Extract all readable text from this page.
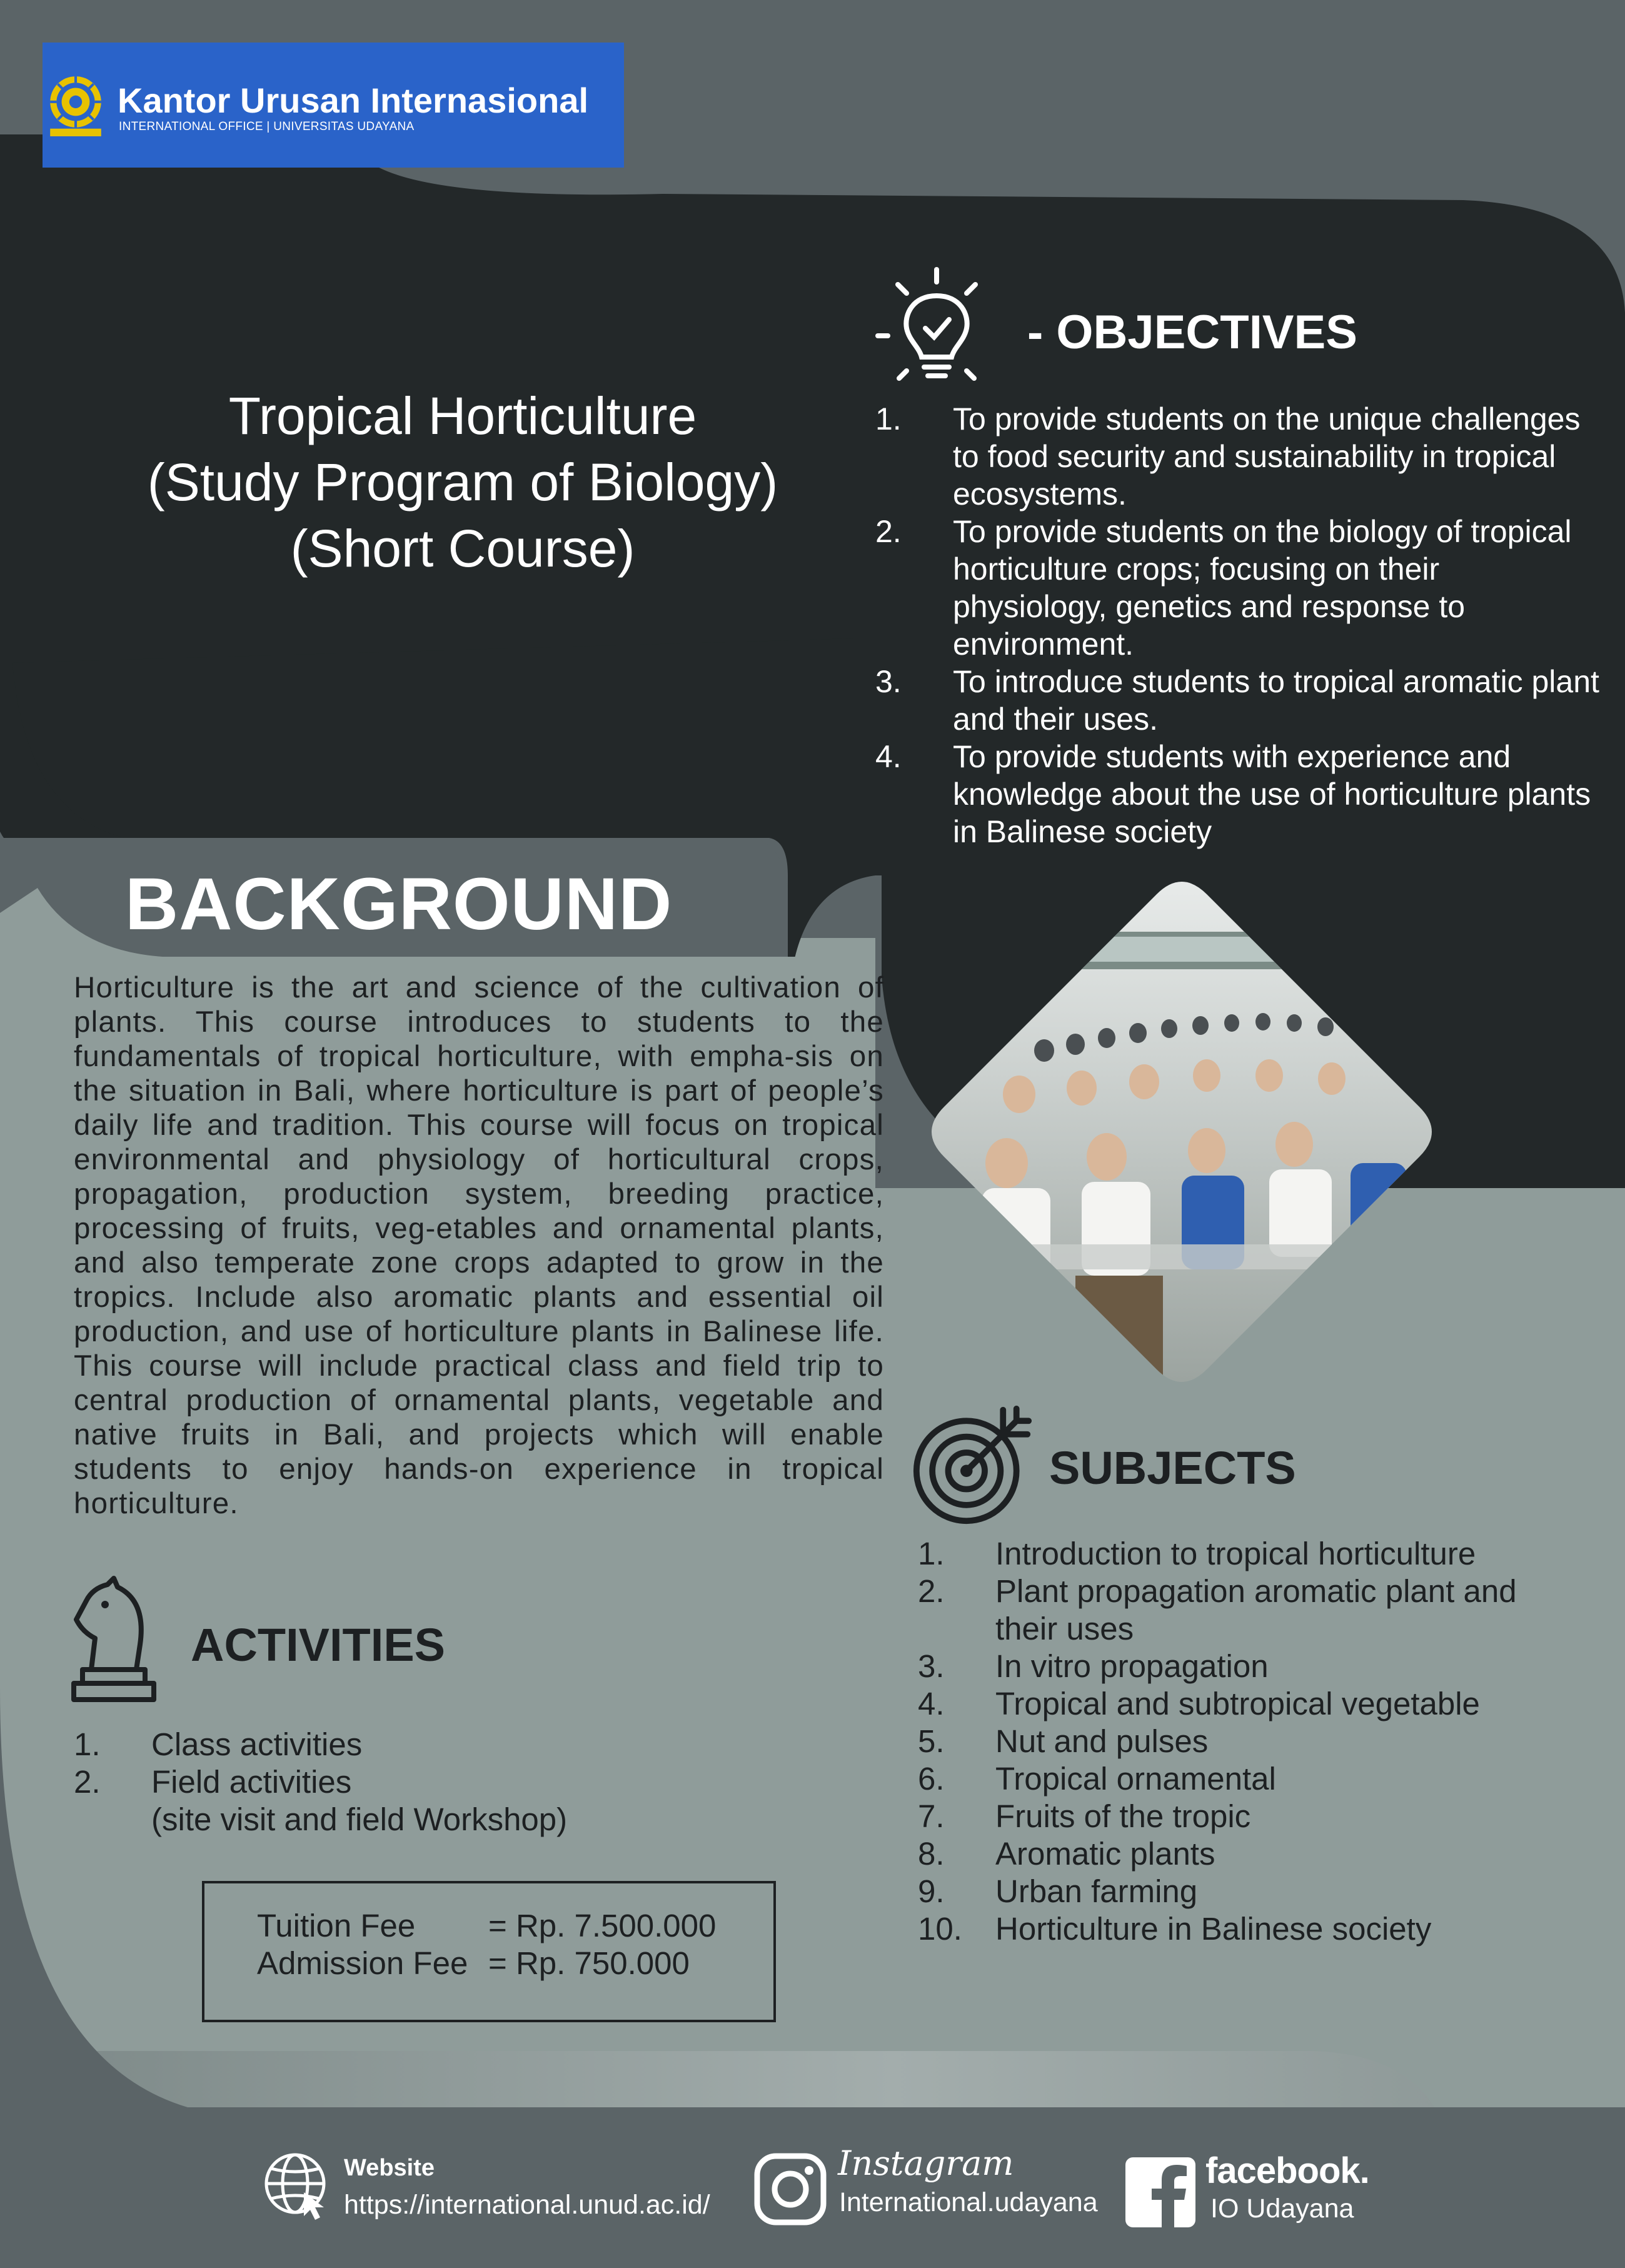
Kantor Urusan Internasional
INTERNATIONAL OFFICE | UNIVERSITAS UDAYANA
Tropical Horticulture
(Study Program of Biology)
(Short Course)
- OBJECTIVES
1. To provide students on the unique challenges to food security and sustainability in tropical ecosystems.
2. To provide students on the biology of tropical horticulture crops; focusing on their physiology, genetics and response to environment.
3. To introduce students to tropical aromatic plant and their uses.
4. To provide students with experience and knowledge about the use of horticulture plants in Balinese society
BACKGROUND
Horticulture is the art and science of the cultivation of plants. This course introduces to students to the fundamentals of tropical horticulture, with empha-sis on the situation in Bali, where horticulture is part of people’s daily life and tradition. This course will focus on tropical environmental and physiology of horticultural crops, propagation, production system, breeding practice, processing of fruits, veg-etables and ornamental plants, and also temperate zone crops adapted to grow in the tropics. Include also aromatic plants and essential oil production, and use of horticulture plants in Balinese life. This course will include practical class and field trip to central production of ornamental plants, vegetable and native fruits in Bali, and projects which will enable students to enjoy hands-on experience in tropical horticulture.
SUBJECTS
1. Introduction to tropical horticulture
2. Plant propagation aromatic plant and their uses
3. In vitro propagation
4. Tropical and subtropical vegetable
5. Nut and pulses
6. Tropical ornamental
7. Fruits of the tropic
8. Aromatic plants
9. Urban farming
10. Horticulture in Balinese society
ACTIVITIES
1. Class activities
2. Field activities
(site visit and field Workshop)
Tuition Fee = Rp. 7.500.000
Admission Fee = Rp. 750.000
Website
https://international.unud.ac.id/
Instagram
International.udayana
facebook.
IO Udayana
